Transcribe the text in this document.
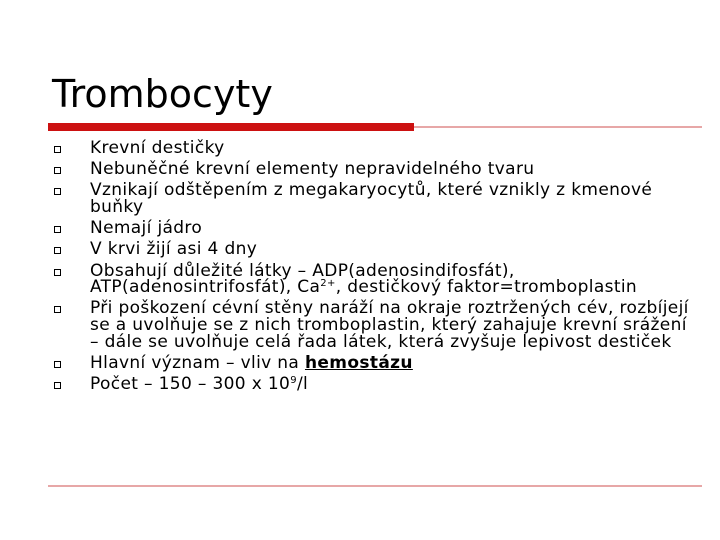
Trombocyty
Krevní destičky
Nebuněčné krevní elementy nepravidelného tvaru
Vznikají odštěpením z megakaryocytů, které vznikly z kmenové buňky
Nemají jádro
V krvi žijí asi 4 dny
Obsahují důležité látky – ADP(adenosindifosfát), ATP(adenosintrifosfát), $Ca^{2+}$, destičkový faktor=tromboplastin
Při poškození cévní stěny naráží na okraje roztržených cév, rozbíjejí se a uvolňuje se z nich tromboplastin, který zahajuje krevní srážení – dále se uvolňuje celá řada látek, která zvyšuje lepivost destiček
Hlavní význam – vliv na hemostázu
Počet – 150 – 300 x $10^9/l$
